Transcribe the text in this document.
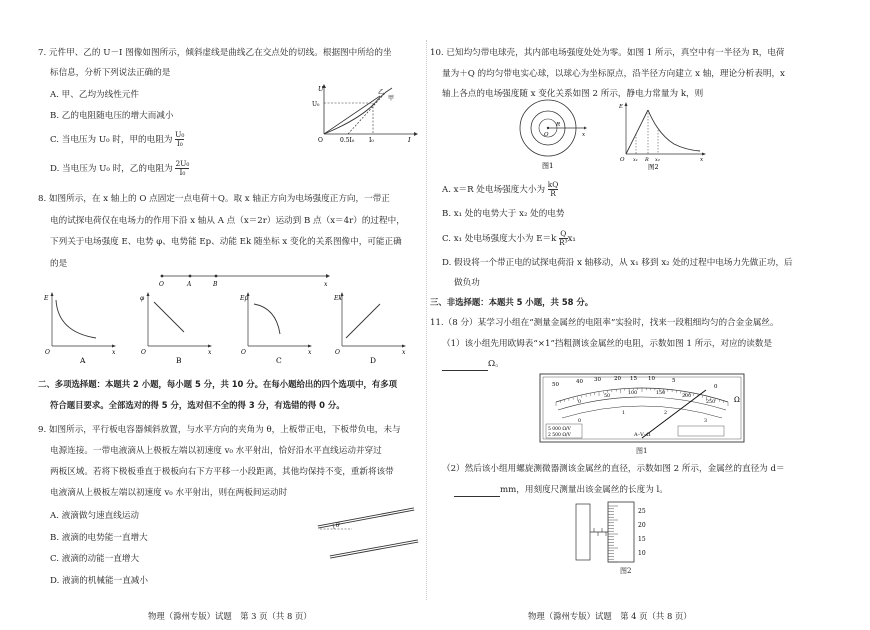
7. 元件甲、乙的 U－I 图像如图所示，倾斜虚线是曲线乙在交点处的切线。根据图中所给的坐
标信息，分析下列说法正确的是
A. 甲、乙均为线性元件
B. 乙的电阻随电压的增大而减小
C. 当电压为 U₀ 时，甲的电阻为 $\frac{\text{U₀}}{\text{I₀}}$
D. 当电压为 U₀ 时，乙的电阻为 $\frac{\text{2U₀}}{\text{I₀}}$
U
U₀
O	0.5I₀ I₀	I
乙
甲
8. 如图所示，在 x 轴上的 O 点固定一点电荷＋Q。取 x 轴正方向为电场强度正方向，一带正
电的试探电荷仅在电场力的作用下沿 x 轴从 A 点（x＝2r）运动到 B 点（x＝4r）的过程中，
下列关于电场强度 E、电势 φ、电势能 Ep、动能 Ek 随坐标 x 变化的关系图像中，可能正确
的是
O	A	B	x
E
O	x
A
φ
O	x
B
Ep
O	x
C
Ek
O	x
D
二、多项选择题：本题共 2 小题，每小题 5 分，共 10 分。在每小题给出的四个选项中，有多项
符合题目要求。全部选对的得 5 分，选对但不全的得 3 分，有选错的得 0 分。
9. 如图所示，平行板电容器倾斜放置，与水平方向的夹角为 θ，上板带正电，下板带负电，未与
电源连接。一带电液滴从上极板左端以初速度 v₀ 水平射出，恰好沿水平直线运动并穿过
两板区域。若将下极板垂直于极板向右下方平移一小段距离，其他均保持不变，重新将该带
电液滴从上极板左端以初速度 v₀ 水平射出，则在两板间运动时
A. 液滴做匀速直线运动
B. 液滴的电势能一直增大
C. 液滴的动能一直增大
D. 液滴的机械能一直减小
θ
物理（滁州专版）试题　第 3 页（共 8 页）
10. 已知均匀带电球壳，其内部电场强度处处为零。如图 1 所示，真空中有一半径为 R，电荷
量为＋Q 的均匀带电实心球，以球心为坐标原点，沿半径方向建立 x 轴，理论分析表明，x
轴上各点的电场强度随 x 变化关系如图 2 所示，静电力常量为 k，则
O
R
x
图1
E
O x₁ R x₂	x
图2
A. x＝R 处电场强度大小为 $\frac{kQ}{R}$
B. x₁ 处的电势大于 x₂ 处的电势
C. x₁ 处电场强度大小为 $E=k \frac{Q}{\text{R³}} x_1$
D. 假设将一个带正电的试探电荷沿 x 轴移动，从 x₁ 移到 x₂ 处的过程中电场力先做正功，后
做负功
三、非选择题：本题共 5 小题，共 58 分。
11.（8 分）某学习小组在“测量金属丝的电阻率”实验时，找来一段粗细均匀的合金金属丝。
（1）该小组先用欧姆表“×1”挡粗测该金属丝的电阻，示数如图 1 所示，对应的读数是
Ω。
50	40 30 20 15 10	5
0
Ω
0
50
100	150
200
250
0
1	2
3
5 000 Ω/V
2 500 Ω/V	A–V–Ω
图1
（2）然后该小组用螺旋测微器测该金属丝的直径，示数如图 2 所示，金属丝的直径为 d＝
mm，用刻度尺测量出该金属丝的长度为 l。
25
20
15
10
图2
物理（滁州专版）试题　第 4 页（共 8 页）
